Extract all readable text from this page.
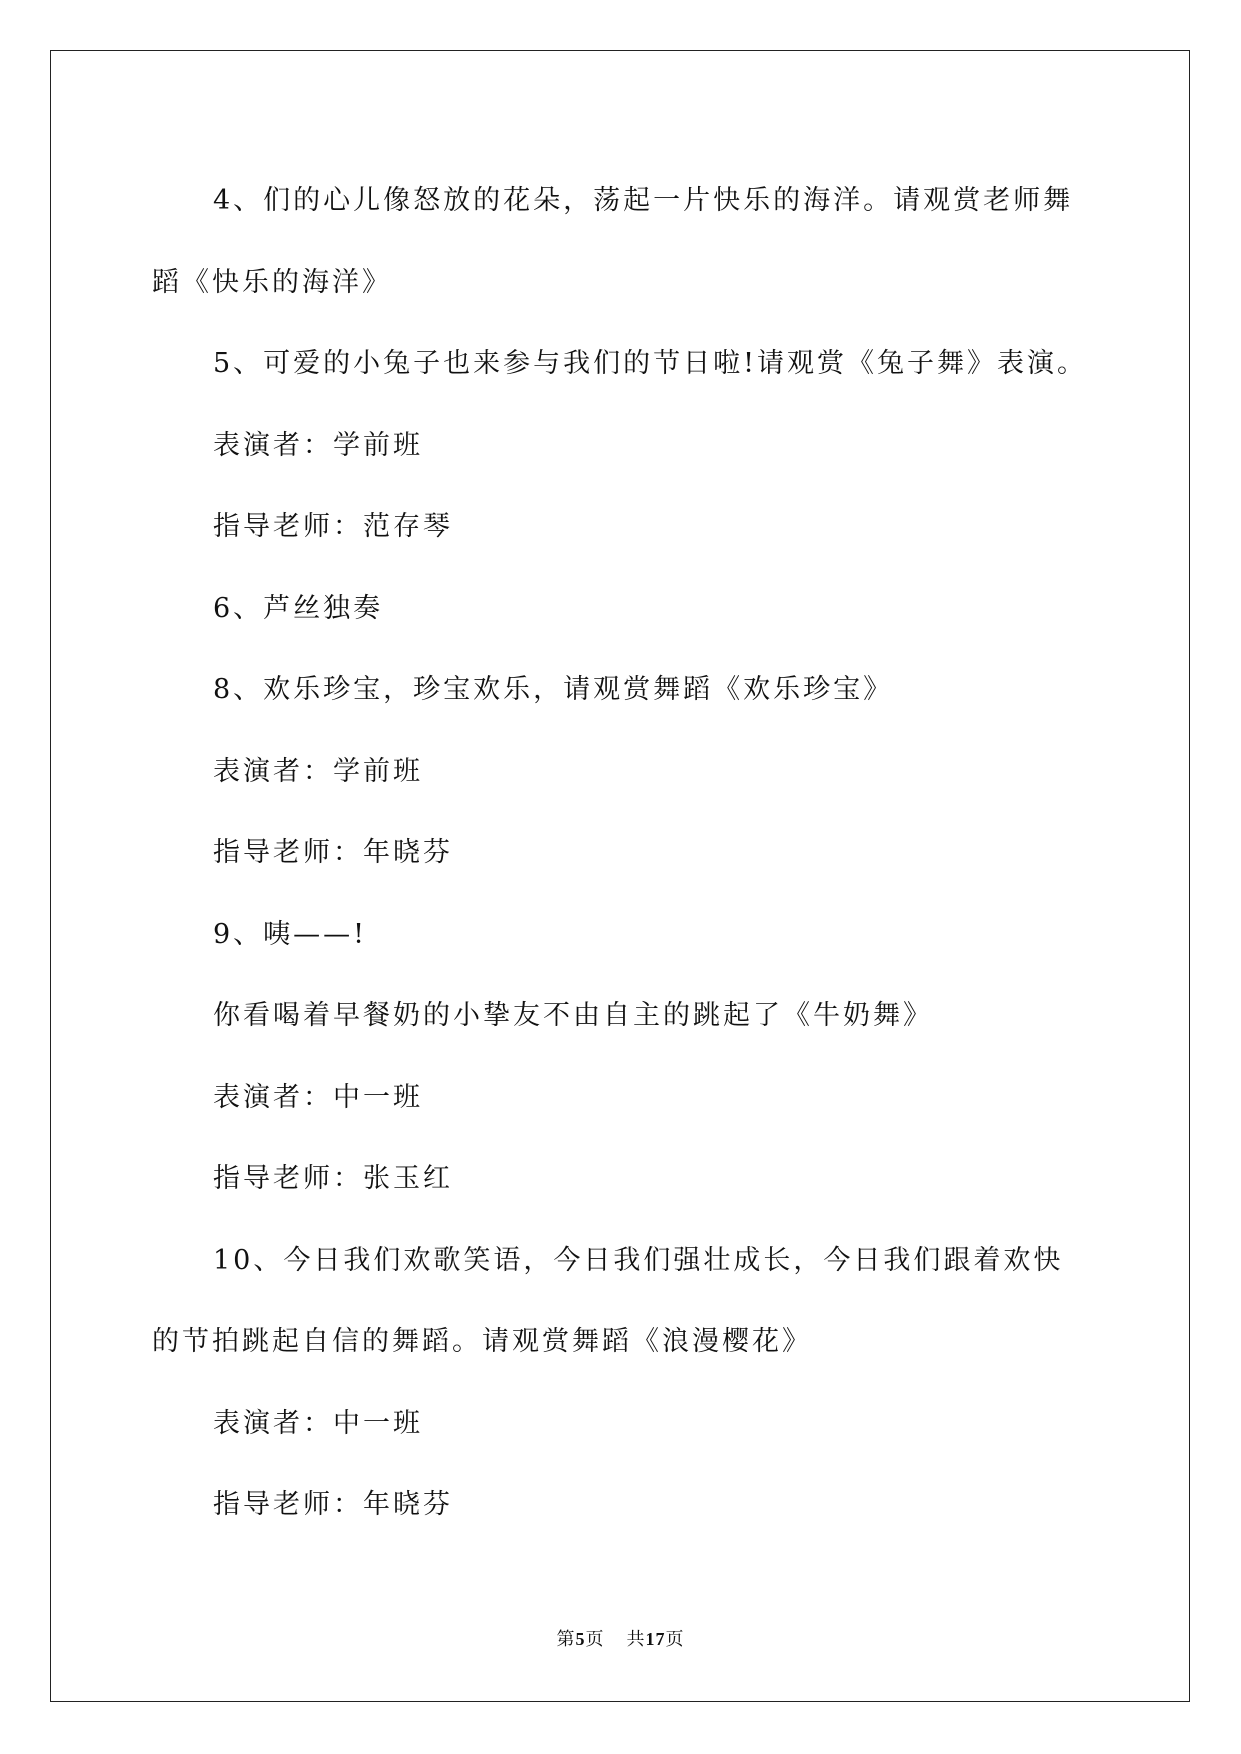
4、们的心儿像怒放的花朵，荡起一片快乐的海洋。请观赏老师舞

蹈《快乐的海洋》

5、可爱的小兔子也来参与我们的节日啦!请观赏《兔子舞》表演。

表演者：学前班

指导老师：范存琴

6、芦丝独奏

8、欢乐珍宝，珍宝欢乐，请观赏舞蹈《欢乐珍宝》

表演者：学前班

指导老师：年晓芬

9、咦——!

你看喝着早餐奶的小挚友不由自主的跳起了《牛奶舞》

表演者：中一班

指导老师：张玉红

10、今日我们欢歌笑语，今日我们强壮成长，今日我们跟着欢快

的节拍跳起自信的舞蹈。请观赏舞蹈《浪漫樱花》

表演者：中一班

指导老师：年晓芬

第5页 共17页
